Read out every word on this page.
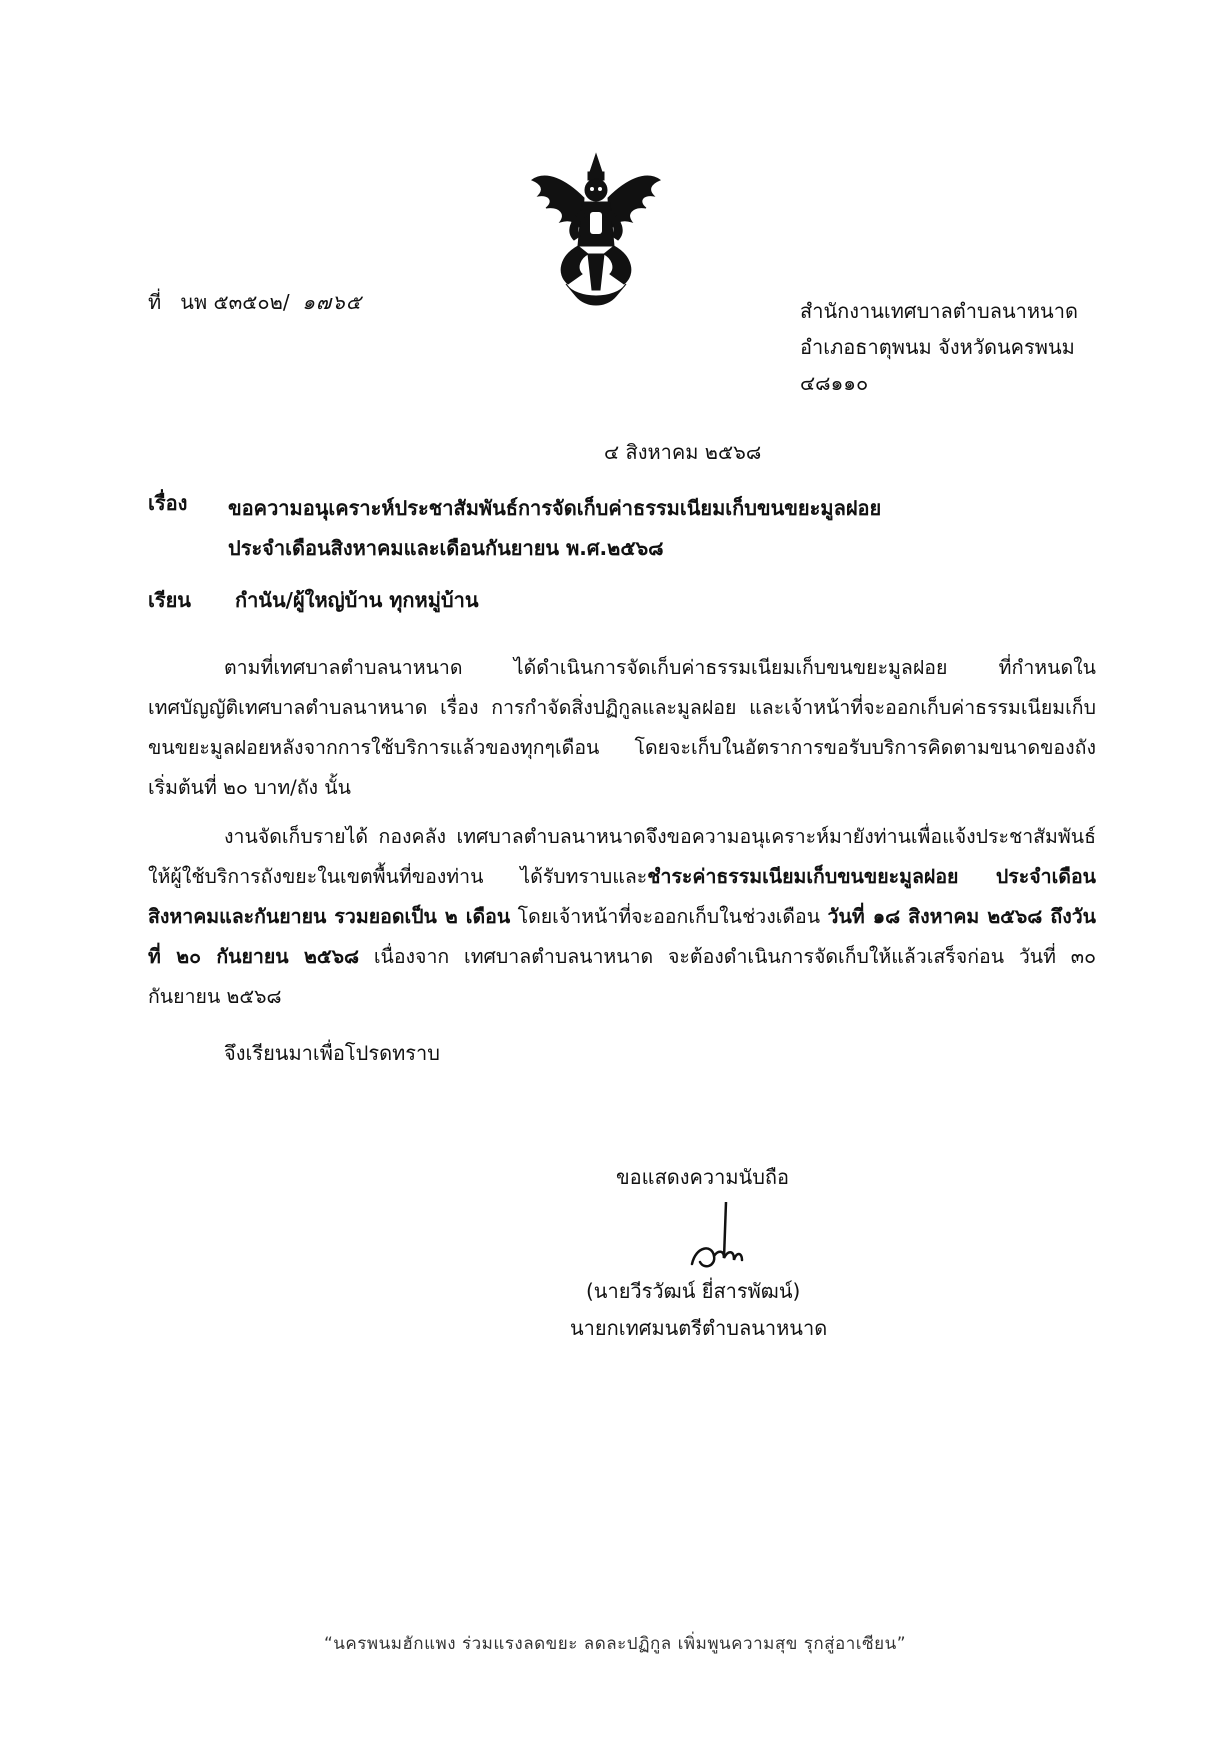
ที่ นพ ๕๓๕๐๒/ ๑๗๖๕	สำนักงานเทศบาลตำบลนาหนาด
อำเภอธาตุพนม จังหวัดนครพนม
๔๘๑๑๐
๔ สิงหาคม ๒๕๖๘
เรื่อง ขอความอนุเคราะห์ประชาสัมพันธ์การจัดเก็บค่าธรรมเนียมเก็บขนขยะมูลฝอย
ประจำเดือนสิงหาคมและเดือนกันยายน พ.ศ.๒๕๖๘
เรียน กำนัน/ผู้ใหญ่บ้าน ทุกหมู่บ้าน

ตามที่เทศบาลตำบลนาหนาด ได้ดำเนินการจัดเก็บค่าธรรมเนียมเก็บขนขยะมูลฝอย ที่กำหนดในเทศบัญญัติเทศบาลตำบลนาหนาด เรื่อง การกำจัดสิ่งปฏิกูลและมูลฝอย และเจ้าหน้าที่จะออกเก็บค่าธรรมเนียมเก็บขนขยะมูลฝอยหลังจากการใช้บริการแล้วของทุกๆเดือน โดยจะเก็บในอัตราการขอรับบริการคิดตามขนาดของถังเริ่มต้นที่ ๒๐ บาท/ถัง นั้น

งานจัดเก็บรายได้ กองคลัง เทศบาลตำบลนาหนาดจึงขอความอนุเคราะห์มายังท่านเพื่อแจ้งประชาสัมพันธ์ให้ผู้ใช้บริการถังขยะในเขตพื้นที่ของท่าน ได้รับทราบและชำระค่าธรรมเนียมเก็บขนขยะมูลฝอย ประจำเดือนสิงหาคมและกันยายน รวมยอดเป็น ๒ เดือน โดยเจ้าหน้าที่จะออกเก็บในช่วงเดือน วันที่ ๑๘ สิงหาคม ๒๕๖๘ ถึงวันที่ ๒๐ กันยายน ๒๕๖๘ เนื่องจาก เทศบาลตำบลนาหนาด จะต้องดำเนินการจัดเก็บให้แล้วเสร็จก่อน วันที่ ๓๐ กันยายน ๒๕๖๘

จึงเรียนมาเพื่อโปรดทราบ
ขอแสดงความนับถือ
(นายวีรวัฒน์ ยี่สารพัฒน์)
นายกเทศมนตรีตำบลนาหนาด
“นครพนมฮักแพง ร่วมแรงลดขยะ ลดละปฏิกูล เพิ่มพูนความสุข รุกสู่อาเซียน”
